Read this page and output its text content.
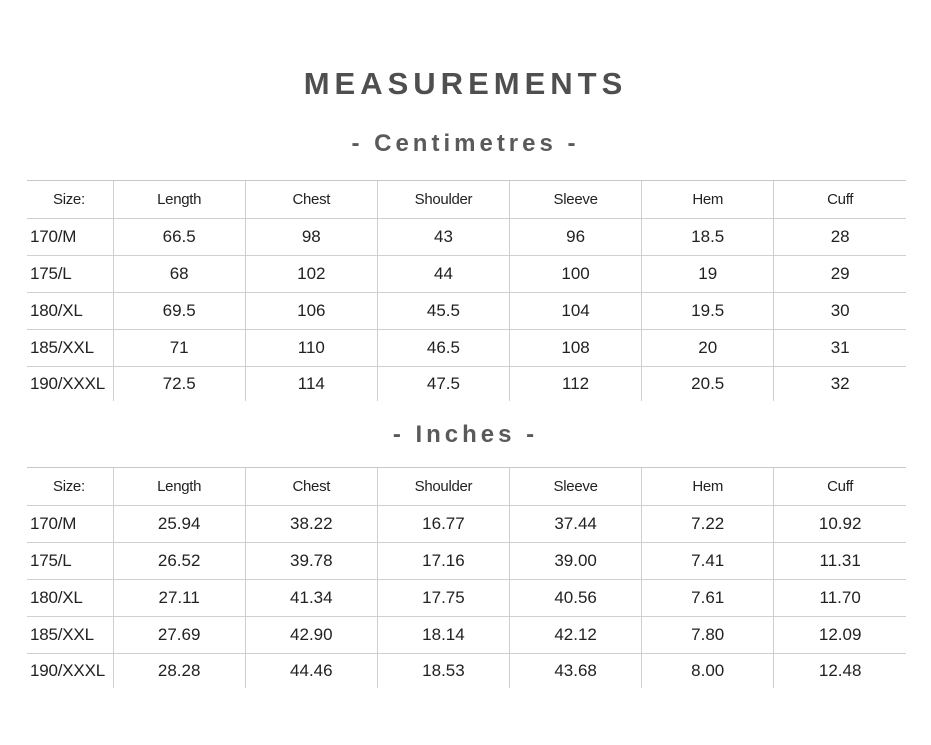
MEASUREMENTS
- Centimetres -
Size:	Length	Chest	Shoulder	Sleeve	Hem	Cuff
170/M	66.5	98	43	96	18.5	28
175/L	68	102	44	100	19	29
180/XL	69.5	106	45.5	104	19.5	30
185/XXL	71	110	46.5	108	20	31
190/XXXL	72.5	114	47.5	112	20.5	32
- Inches -
Size:	Length	Chest	Shoulder	Sleeve	Hem	Cuff
170/M	25.94	38.22	16.77	37.44	7.22	10.92
175/L	26.52	39.78	17.16	39.00	7.41	11.31
180/XL	27.11	41.34	17.75	40.56	7.61	11.70
185/XXL	27.69	42.90	18.14	42.12	7.80	12.09
190/XXXL	28.28	44.46	18.53	43.68	8.00	12.48
